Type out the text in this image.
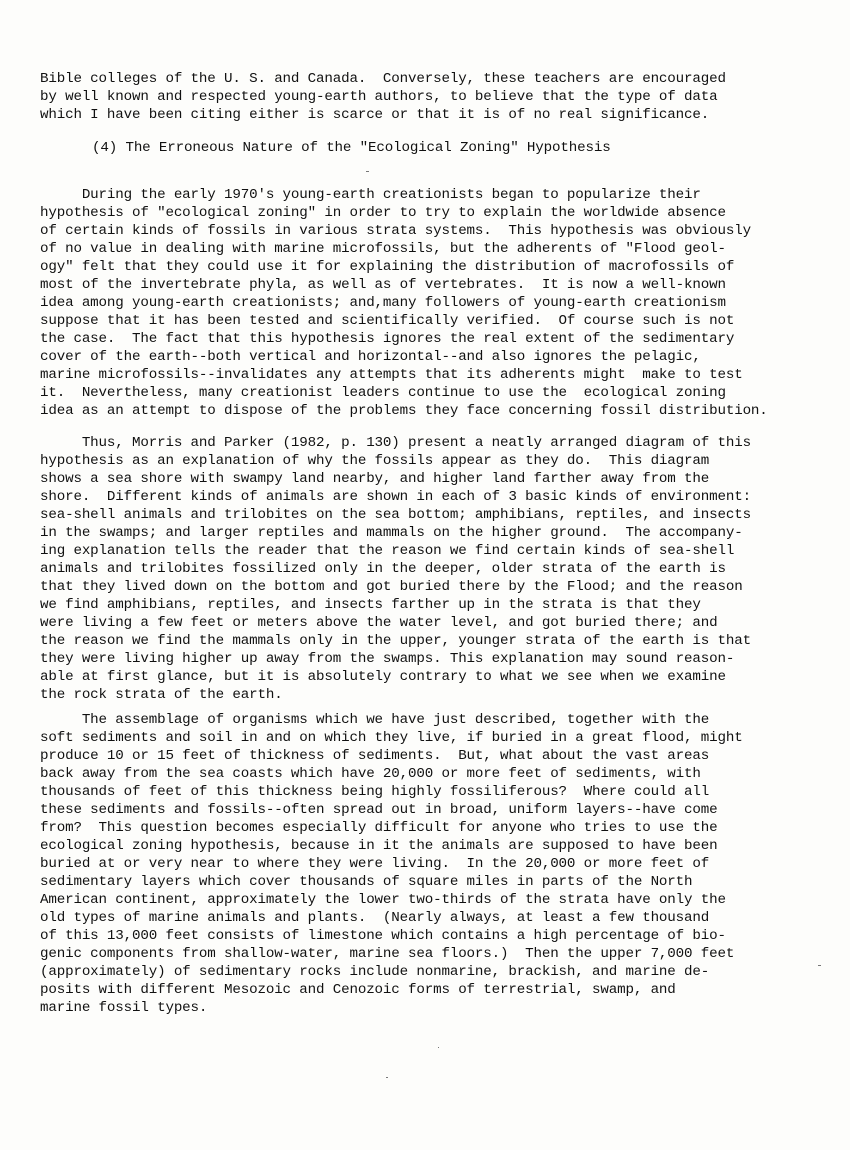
Bible colleges of the U. S. and Canada.  Conversely, these teachers are encouraged
by well known and respected young-earth authors, to believe that the type of data
which I have been citing either is scarce or that it is of no real significance.
(4) The Erroneous Nature of the "Ecological Zoning" Hypothesis
During the early 1970's young-earth creationists began to popularize their
hypothesis of "ecological zoning" in order to try to explain the worldwide absence
of certain kinds of fossils in various strata systems.  This hypothesis was obviously
of no value in dealing with marine microfossils, but the adherents of "Flood geol-
ogy" felt that they could use it for explaining the distribution of macrofossils of
most of the invertebrate phyla, as well as of vertebrates.  It is now a well-known
idea among young-earth creationists; and,many followers of young-earth creationism
suppose that it has been tested and scientifically verified.  Of course such is not
the case.  The fact that this hypothesis ignores the real extent of the sedimentary
cover of the earth--both vertical and horizontal--and also ignores the pelagic,
marine microfossils--invalidates any attempts that its adherents might  make to test
it.  Nevertheless, many creationist leaders continue to use the  ecological zoning
idea as an attempt to dispose of the problems they face concerning fossil distribution.
Thus, Morris and Parker (1982, p. 130) present a neatly arranged diagram of this
hypothesis as an explanation of why the fossils appear as they do.  This diagram
shows a sea shore with swampy land nearby, and higher land farther away from the
shore.  Different kinds of animals are shown in each of 3 basic kinds of environment:
sea-shell animals and trilobites on the sea bottom; amphibians, reptiles, and insects
in the swamps; and larger reptiles and mammals on the higher ground.  The accompany-
ing explanation tells the reader that the reason we find certain kinds of sea-shell
animals and trilobites fossilized only in the deeper, older strata of the earth is
that they lived down on the bottom and got buried there by the Flood; and the reason
we find amphibians, reptiles, and insects farther up in the strata is that they
were living a few feet or meters above the water level, and got buried there; and
the reason we find the mammals only in the upper, younger strata of the earth is that
they were living higher up away from the swamps. This explanation may sound reason-
able at first glance, but it is absolutely contrary to what we see when we examine
the rock strata of the earth.
The assemblage of organisms which we have just described, together with the
soft sediments and soil in and on which they live, if buried in a great flood, might
produce 10 or 15 feet of thickness of sediments.  But, what about the vast areas
back away from the sea coasts which have 20,000 or more feet of sediments, with
thousands of feet of this thickness being highly fossiliferous?  Where could all
these sediments and fossils--often spread out in broad, uniform layers--have come
from?  This question becomes especially difficult for anyone who tries to use the
ecological zoning hypothesis, because in it the animals are supposed to have been
buried at or very near to where they were living.  In the 20,000 or more feet of
sedimentary layers which cover thousands of square miles in parts of the North
American continent, approximately the lower two-thirds of the strata have only the
old types of marine animals and plants.  (Nearly always, at least a few thousand
of this 13,000 feet consists of limestone which contains a high percentage of bio-
genic components from shallow-water, marine sea floors.)  Then the upper 7,000 feet
(approximately) of sedimentary rocks include nonmarine, brackish, and marine de-
posits with different Mesozoic and Cenozoic forms of terrestrial, swamp, and
marine fossil types.
